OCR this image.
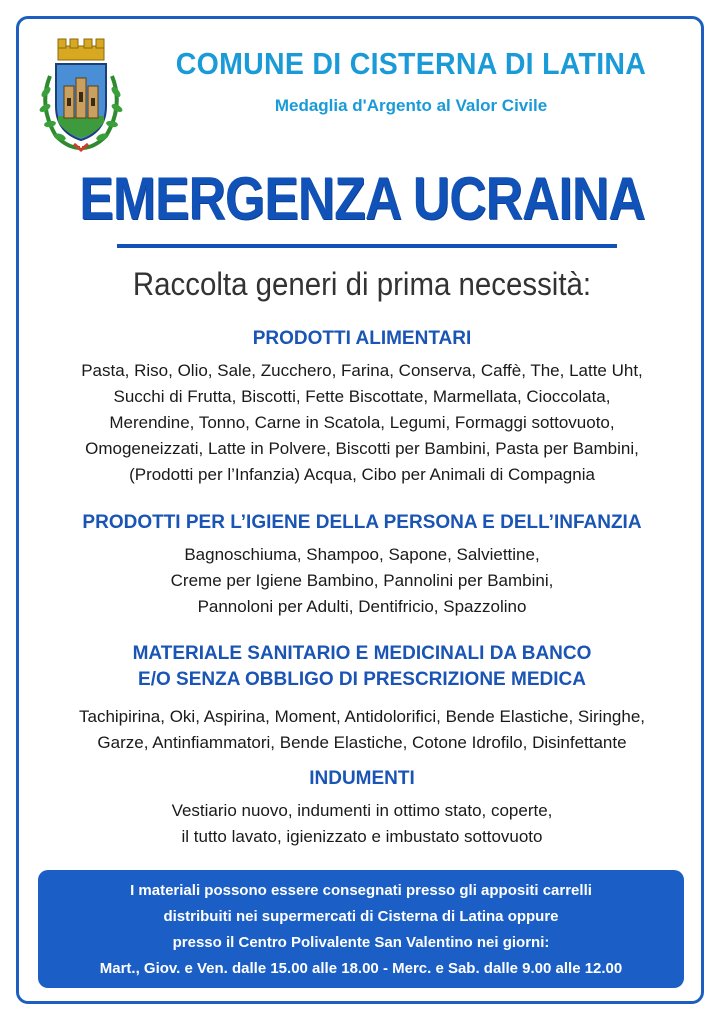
COMUNE DI CISTERNA DI LATINA
Medaglia d'Argento al Valor Civile
EMERGENZA UCRAINA
Raccolta generi di prima necessità:
PRODOTTI ALIMENTARI
Pasta, Riso, Olio, Sale, Zucchero, Farina, Conserva, Caffè, The, Latte Uht,
Succhi di Frutta, Biscotti, Fette Biscottate, Marmellata, Cioccolata,
Merendine, Tonno, Carne in Scatola, Legumi, Formaggi sottovuoto,
Omogeneizzati, Latte in Polvere, Biscotti per Bambini, Pasta per Bambini,
(Prodotti per l’Infanzia) Acqua, Cibo per Animali di Compagnia
PRODOTTI PER L’IGIENE DELLA PERSONA E DELL’INFANZIA
Bagnoschiuma, Shampoo, Sapone, Salviettine,
Creme per Igiene Bambino, Pannolini per Bambini,
Pannoloni per Adulti, Dentifricio, Spazzolino
MATERIALE SANITARIO E MEDICINALI DA BANCO
E/O SENZA OBBLIGO DI PRESCRIZIONE MEDICA
Tachipirina, Oki, Aspirina, Moment, Antidolorifici, Bende Elastiche, Siringhe,
Garze, Antinfiammatori, Bende Elastiche, Cotone Idrofilo, Disinfettante
INDUMENTI
Vestiario nuovo, indumenti in ottimo stato, coperte,
il tutto lavato, igienizzato e imbustato sottovuoto
I materiali possono essere consegnati presso gli appositi carrelli
distribuiti nei supermercati di Cisterna di Latina oppure
presso il Centro Polivalente San Valentino nei giorni:
Mart., Giov. e Ven. dalle 15.00 alle 18.00 - Merc. e Sab. dalle 9.00 alle 12.00
